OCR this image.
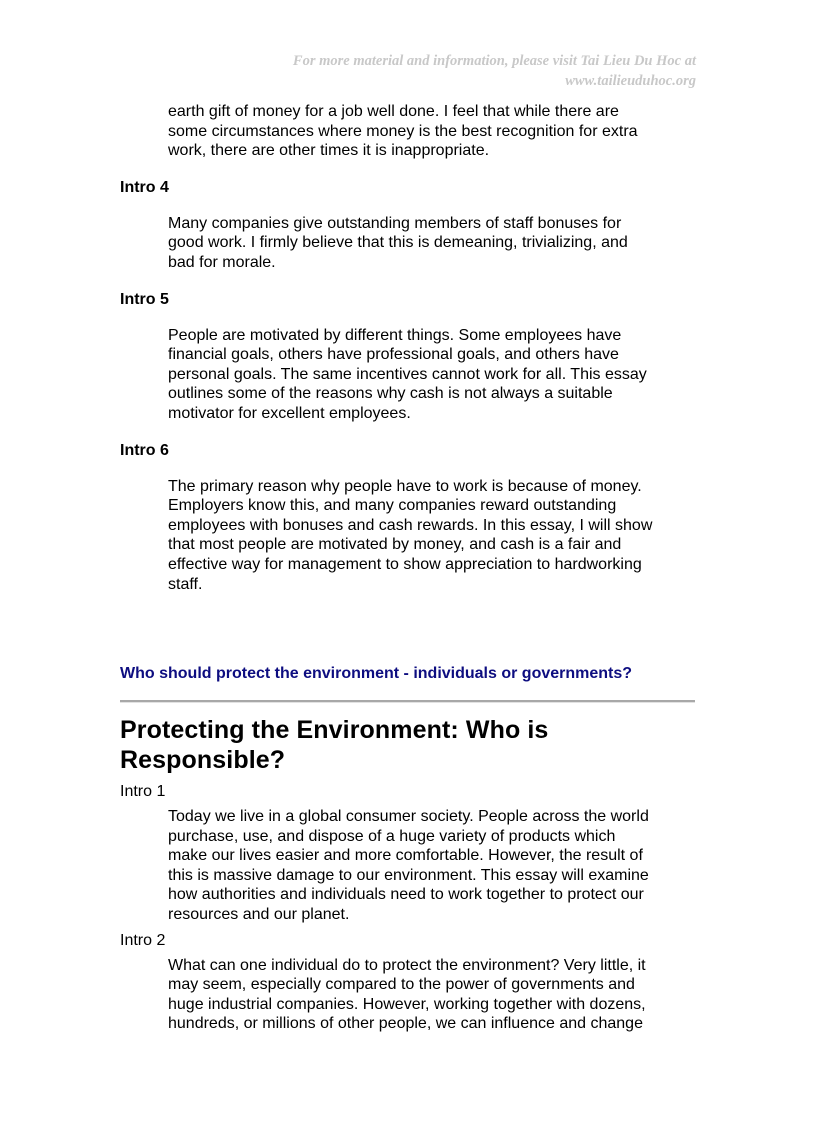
For more material and information, please visit Tai Lieu Du Hoc at
www.tailieuduhoc.org

earth gift of money for a job well done. I feel that while there are some circumstances where money is the best recognition for extra work, there are other times it is inappropriate.

Intro 4

Many companies give outstanding members of staff bonuses for good work. I firmly believe that this is demeaning, trivializing, and bad for morale.

Intro 5

People are motivated by different things. Some employees have financial goals, others have professional goals, and others have personal goals. The same incentives cannot work for all. This essay outlines some of the reasons why cash is not always a suitable motivator for excellent employees.

Intro 6

The primary reason why people have to work is because of money. Employers know this, and many companies reward outstanding employees with bonuses and cash rewards. In this essay, I will show that most people are motivated by money, and cash is a fair and effective way for management to show appreciation to hardworking staff.

Who should protect the environment - individuals or governments?

Protecting the Environment: Who is Responsible?

Intro 1

Today we live in a global consumer society. People across the world purchase, use, and dispose of a huge variety of products which make our lives easier and more comfortable. However, the result of this is massive damage to our environment. This essay will examine how authorities and individuals need to work together to protect our resources and our planet.

Intro 2

What can one individual do to protect the environment? Very little, it may seem, especially compared to the power of governments and huge industrial companies. However, working together with dozens, hundreds, or millions of other people, we can influence and change
